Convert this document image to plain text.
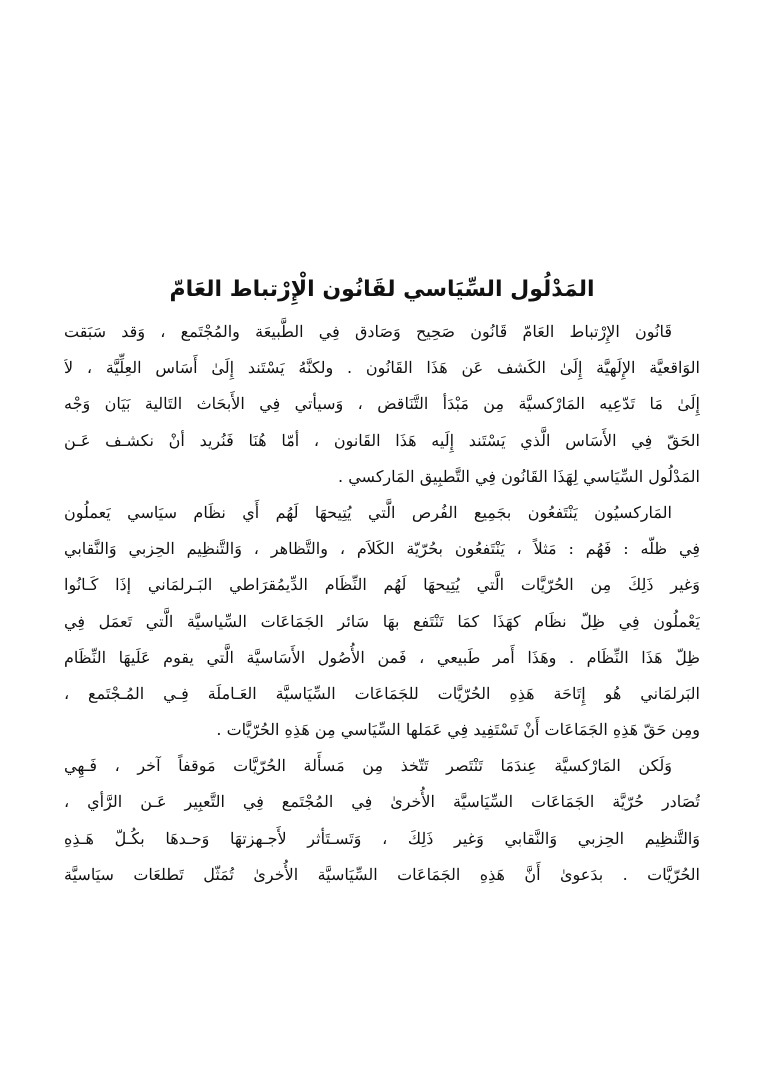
المَدْلُول السِّيَاسي لقَانُون الْإِرْتباط العَامّ
قَانُون الإِرْتباط العَامّ قَانُون صَحِيح وَصَادق فِي الطَّبيعَة والمُجْتَمع ، وَقد سَبَقت
الوَاقعيَّة الإِلَهيَّة إِلَىٰ الكَشف عَن هَذَا القَانُون . ولكنَّهُ يَسْتَند إِلَىٰ أَسَاس العِلِّيَّة ، لاَ
إِلَىٰ مَا تَدّعِيه المَارْكسيَّة مِن مَبْدَأ التَّنَاقض ، وَسيأتي فِي الأَبحَاث التَالية بَيَان وَجْه
الحَقّ فِي الأَسَاس الَّذي يَسْتَند إِلَيه هَذَا القَانون ، أمّا هُنَا فَنُريد أنْ نكشـف عَـن
المَدْلُول السِّيَاسي لِهَذَا القَانُون فِي التَّطبِيق المَاركسي .
المَاركسيُون يَنْتَفعُون بجَمِيع الفُرص الَّتي يُتِيحهَا لَهُم أَي نظَام سيَاسي يَعملُون
فِي ظلّه : فَهُم : مَثلاً ، يَنْتَفعُون بحُرّيّة الكَلاَم ، والتَّظاهر ، وَالتَّنظِيم الحِزبي وَالنَّقابي
وَغير ذَلِكَ مِن الحُرّيَّات الَّتي يُتِيحهَا لَهُم النِّظَام الدِّيمُقرَاطي البَـرلمَاني إذَا كَـانُوا
يَعْملُون فِي ظِلّ نظَام كهَذَا كمَا تَنْتَفع بهَا سَائر الجَمَاعَات السِّياسيَّة الَّتي تَعمَل فِي
ظِلّ هَذَا النِّظَام . وهَذَا أَمر طَبيعي ، فَمن الأُصُول الأَسَاسيَّة الَّتي يقوم عَلَيهَا النِّظَام
البَرلمَاني هُو إِتَاحَة هَذِهِ الحُرّيَّات للجَمَاعَات السِّيَاسيَّة العَـاملَة فِـي المُـجْتَمع ،
ومِن حَقّ هَذِهِ الجَمَاعَات أَنْ تَسْتَفِيد فِي عَمَلها السِّيَاسي مِن هَذِهِ الحُرّيَّات .
وَلَكن المَارْكسيَّة عِندَمَا تَنْتَصر تَتّخذ مِن مَسأَلة الحُرّيَّات مَوقفاً آخر ، فَـهِي
تُصَادر حُرّيَّة الجَمَاعَات السِّيَاسيَّة الأُخرىٰ فِي المُجْتَمع فِي التَّعبِير عَـن الرَّأي ،
وَالتَّنظِيم الحِزبي وَالنَّقابي وَغير ذَلِكَ ، وَتَسـتَأثر لأَجـهزتهَا وَحـدهَا بكُـلّ هَـذِهِ
الحُرّيَّات . بدَعوىٰ أَنَّ هَذِهِ الجَمَاعَات السِّيَاسيَّة الأُخرىٰ تُمَثّل تَطلعَات سيَاسيَّة
